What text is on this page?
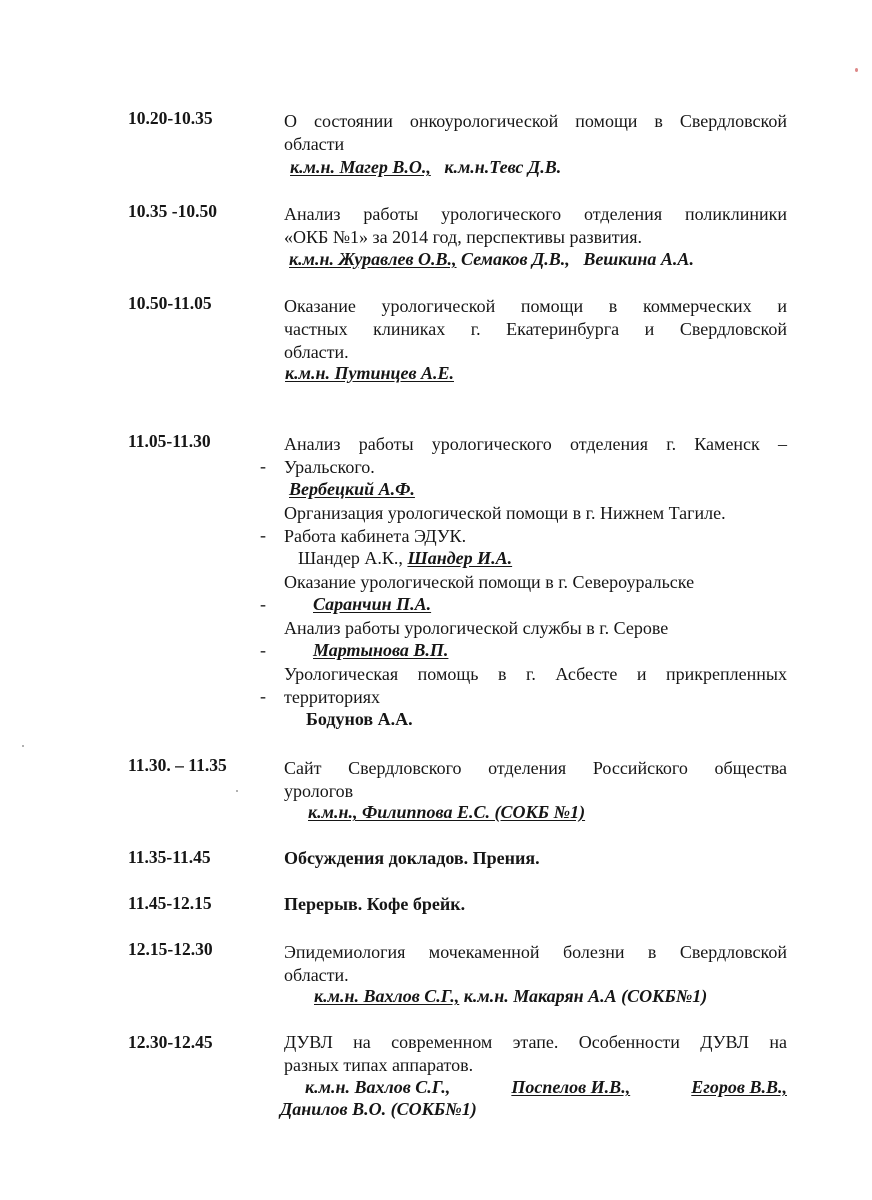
10.20-10.35	О состоянии онкоурологической помощи в Свердловской
области
к.м.н. Магер В.О., к.м.н.Тевс Д.В.
10.35 -10.50	Анализ работы урологического отделения поликлиники
«ОКБ №1» за 2014 год, перспективы развития.
к.м.н. Журавлев О.В., Семаков Д.В., Вешкина А.А.
10.50-11.05	Оказание урологической помощи в коммерческих и
частных клиниках г. Екатеринбурга и Свердловской
области.
к.м.н. Путинцев А.Е.
11.05-11.30	Анализ работы урологического отделения г. Каменск –
- Уральского.
Вербецкий А.Ф.
Организация урологической помощи в г. Нижнем Тагиле.
- Работа кабинета ЭДУК.
Шандер А.К., Шандер И.А.
Оказание урологической помощи в г. Североуральске
-	Саранчин П.А.
Анализ работы урологической службы в г. Серове
-	Мартынова В.П.
Урологическая помощь в г. Асбесте и прикрепленных
- территориях
Бодунов А.А.
11.30. – 11.35	Сайт Свердловского отделения Российского общества
урологов
к.м.н., Филиппова Е.С. (СОКБ №1)
11.35-11.45	Обсуждения докладов. Прения.
11.45-12.15	Перерыв. Кофе брейк.
12.15-12.30	Эпидемиология мочекаменной болезни в Свердловской
области.
к.м.н. Вахлов С.Г., к.м.н. Макарян А.А (СОКБ№1)
12.30-12.45	ДУВЛ на современном этапе. Особенности ДУВЛ на
разных типах аппаратов.
к.м.н. Вахлов С.Г.,	Поспелов И.В.,	Егоров В.В.,
Данилов В.О. (СОКБ№1)
